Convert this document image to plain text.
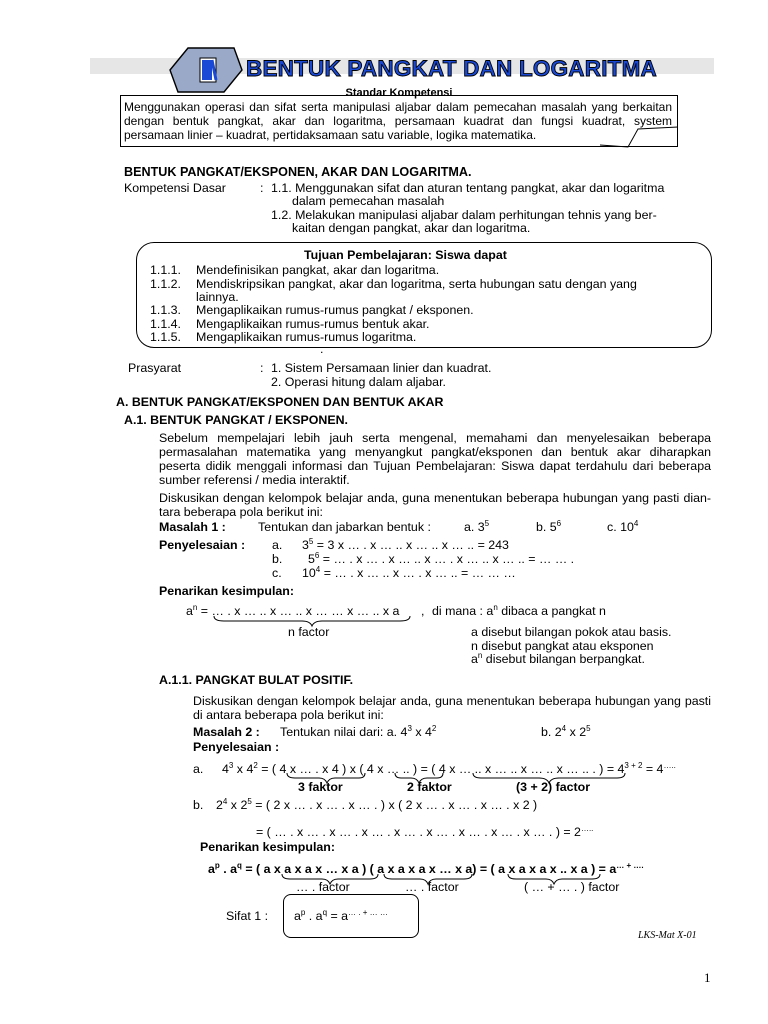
BENTUK PANGKAT DAN LOGARITMA
Standar Kompetensi
Menggunakan operasi dan sifat serta manipulasi aljabar dalam pemecahan masalah yang berkaitan dengan bentuk pangkat, akar dan logaritma, persamaan kuadrat dan fungsi kuadrat, system persamaan linier – kuadrat, pertidaksamaan satu variable, logika matematika.
BENTUK PANGKAT/EKSPONEN, AKAR DAN LOGARITMA.
Kompetensi Dasar	: 1.1. Menggunakan sifat dan aturan tentang pangkat, akar dan logaritma
dalam pemecahan masalah
1.2. Melakukan manipulasi aljabar dalam perhitungan tehnis yang ber-
kaitan dengan pangkat, akar dan logaritma.
Tujuan Pembelajaran: Siswa dapat
1.1.1. Mendefinisikan pangkat, akar dan logaritma.
1.1.2. Mendiskripsikan pangkat, akar dan logaritma, serta hubungan satu dengan yang
lainnya.
1.1.3. Mengaplikaikan rumus-rumus pangkat / eksponen.
1.1.4. Mengaplikaikan rumus-rumus bentuk akar.
1.1.5. Mengaplikaikan rumus-rumus logaritma.
.
Prasyarat	: 1. Sistem Persamaan linier dan kuadrat.
2. Operasi hitung dalam aljabar.
A. BENTUK PANGKAT/EKSPONEN DAN BENTUK AKAR
A.1. BENTUK PANGKAT / EKSPONEN.
Sebelum mempelajari lebih jauh serta mengenal, memahami dan menyelesaikan beberapa permasalahan matematika yang menyangkut pangkat/eksponen dan bentuk akar diharapkan peserta didik menggali informasi dan Tujuan Pembelajaran: Siswa dapat terdahulu dari beberapa sumber referensi / media interaktif.
Diskusikan dengan kelompok belajar anda, guna menentukan beberapa hubungan yang pasti dian- tara beberapa pola berikut ini:
Masalah 1 :	Tentukan dan jabarkan bentuk :	a. $3^5$	b. $5^6$	c. $10^4$
Penyelesaian : a. $3^5 = 3$ x … . x … .. x … .. x … .. = 243
b. $5^6$ = … . x … . x … .. x … . x … .. x … .. = … … .
c. $10^4$ = … . x … .. x … . x … .. = … … …
Penarikan kesimpulan:
$a^n$ = … . x … .. x … .. x … … x … .. x a , di mana : $a^n$ dibaca a pangkat n
n factor	a disebut bilangan pokok atau basis.
n disebut pangkat atau eksponen
$a^n$ disebut bilangan berpangkat.
A.1.1. PANGKAT BULAT POSITIF.
Diskusikan dengan kelompok belajar anda, guna menentukan beberapa hubungan yang pasti di antara beberapa pola berikut ini:
Masalah 2 : Tentukan nilai dari: a. $4^3$ x $4^2$	b. $2^4$ x $2^5$
Penyelesaian :
a. $4^3$ x $4^2$ = ( 4 x … . x 4 ) x ( 4 x … .. ) = ( 4 x … .. x … .. x … .. x … .. . ) = $4^{3 + 2} = 4^{\dots..}$
3 faktor	2 faktor	(3 + 2) factor
b. $2^4$ x $2^5$ = ( 2 x … . x … . x … . ) x ( 2 x … . x … . x … . x 2 )
= ( … . x … . x … . x … . x … . x … . x … . x … . x … . ) = 2…..
Penarikan kesimpulan:
$a^p$ . $a^q$ = ( a x a x a x … x a ) ( a x a x a x … x a) = ( a x a x a x .. x a ) = a… + ….
… . factor	… . factor	( … + … . ) factor
Sifat 1 : $a^p$ . $a^q = a^{\dots . + \dots \dots}$
LKS-Mat X-01
1
